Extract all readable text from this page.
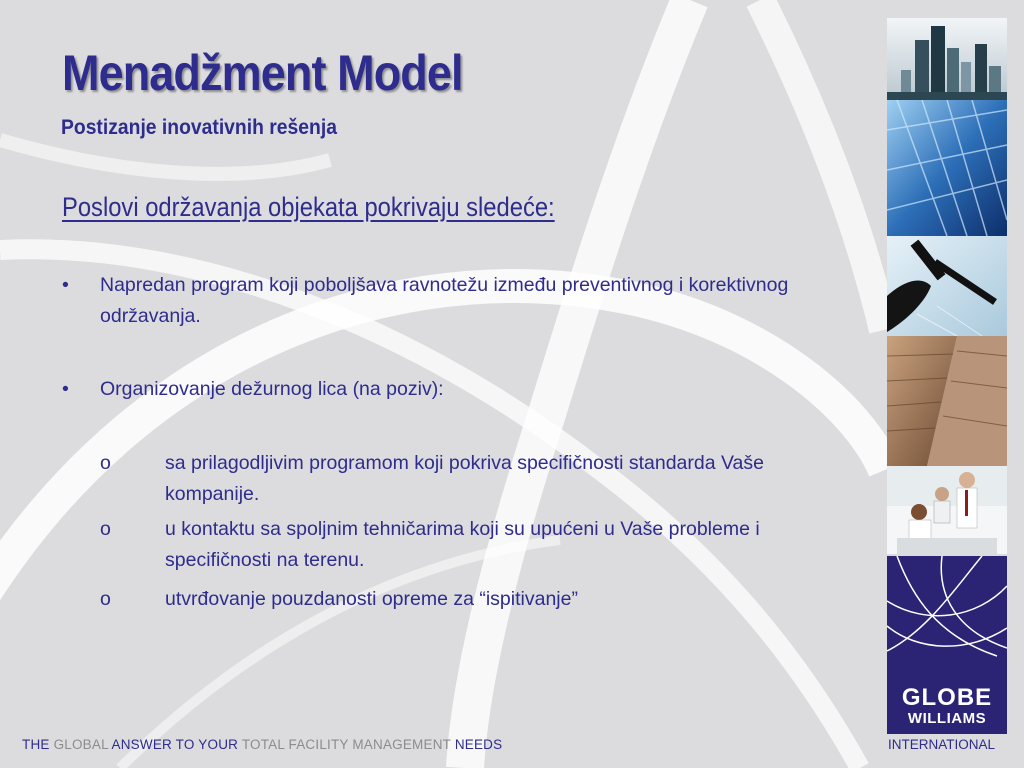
Menadžment Model
Postizanje inovativnih rešenja
Poslovi održavanja objekata pokrivaju sledeće:
•	Napredan program koji poboljšava ravnotežu između preventivnog i korektivnog održavanja.
•	Organizovanje dežurnog lica (na poziv):
o	sa prilagodljivim programom koji pokriva specifičnosti standarda Vaše kompanije.
o	u kontaktu sa spoljnim tehničarima koji su upućeni u Vaše probleme i specifičnosti na terenu.
o	utvrđovanje pouzdanosti opreme za “ispitivanje”
GLOBE
WILLIAMS
THE GLOBAL ANSWER TO YOUR TOTAL FACILITY MANAGEMENT NEEDS	INTERNATIONAL
